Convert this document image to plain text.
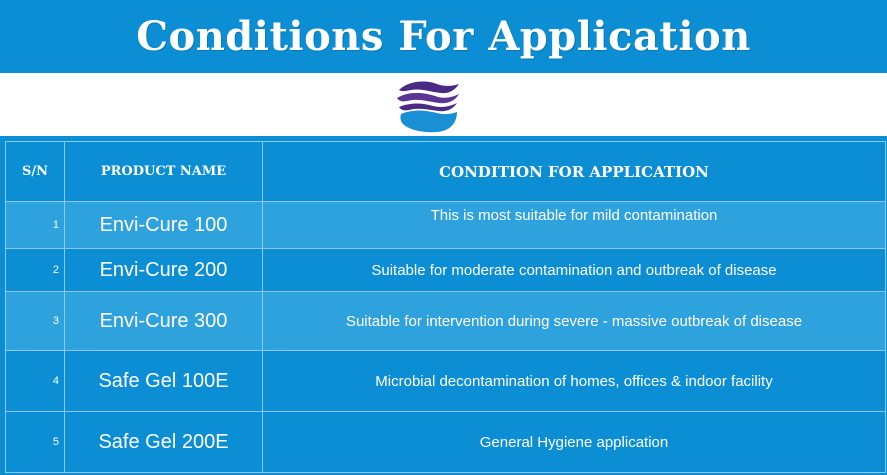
Conditions For Application
S/N	PRODUCT NAME	CONDITION FOR APPLICATION
1	Envi-Cure 100	This is most suitable for mild contamination
2	Envi-Cure 200	Suitable for moderate contamination and outbreak of disease
3	Envi-Cure 300	Suitable for intervention during severe - massive outbreak of disease
4	Safe Gel 100E	Microbial decontamination of homes, offices & indoor facility
5	Safe Gel 200E	General Hygiene application
